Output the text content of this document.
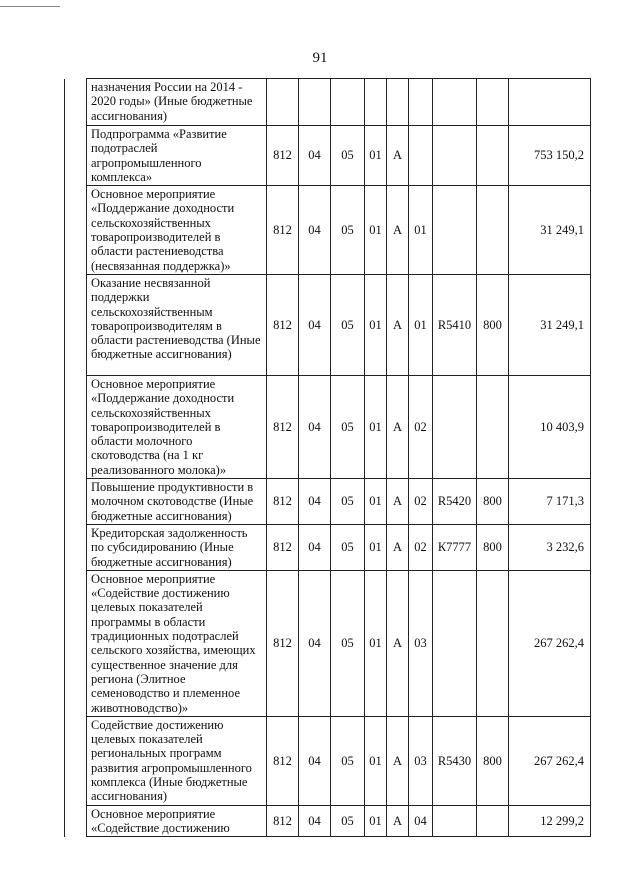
91
	назначения России на 2014 - 2020 годы» (Иные бюджетные ассигнования)									
	Подпрограмма «Развитие подотраслей агропромышленного комплекса»	812	04	05	01	А				753 150,2
	Основное мероприятие «Поддержание доходности сельскохозяйственных товаропроизводителей в области растениеводства (несвязанная поддержка)»	812	04	05	01	А	01			31 249,1
	Оказание несвязанной поддержки сельскохозяйственным товаропроизводителям в области растениеводства (Иные бюджетные ассигнования)	812	04	05	01	А	01	R5410	800	31 249,1
	Основное мероприятие «Поддержание доходности сельскохозяйственных товаропроизводителей в области молочного скотоводства (на 1 кг реализованного молока)»	812	04	05	01	А	02			10 403,9
	Повышение продуктивности в молочном скотоводстве (Иные бюджетные ассигнования)	812	04	05	01	А	02	R5420	800	7 171,3
	Кредиторская задолженность по субсидированию (Иные бюджетные ассигнования)	812	04	05	01	А	02	К7777	800	3 232,6
	Основное мероприятие «Содействие достижению целевых показателей программы в области традиционных подотраслей сельского хозяйства, имеющих существенное значение для региона (Элитное семеноводство и племенное животноводство)»	812	04	05	01	А	03			267 262,4
	Содействие достижению целевых показателей региональных программ развития агропромышленного комплекса (Иные бюджетные ассигнования)	812	04	05	01	А	03	R5430	800	267 262,4
	Основное мероприятие «Содействие достижению	812	04	05	01	А	04			12 299,2
